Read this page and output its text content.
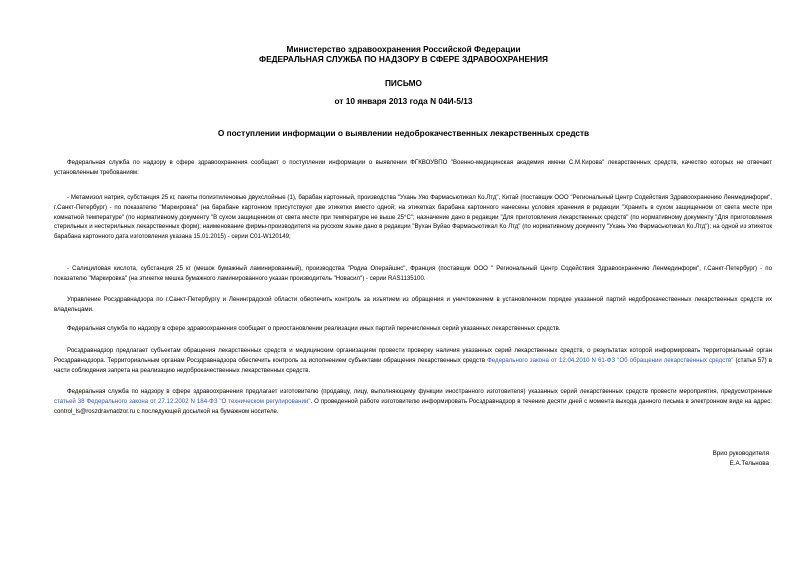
Министерство здравоохранения Российской Федерации
ФЕДЕРАЛЬНАЯ СЛУЖБА ПО НАДЗОРУ В СФЕРЕ ЗДРАВООХРАНЕНИЯ
ПИСЬМО
от 10 января 2013 года N 04И-5/13
О поступлении информации о выявлении недоброкачественных лекарственных средств
Федеральная служба по надзору в сфере здравоохранения сообщает о поступлении информации о выявлении ФГКВОУВПО "Военно-медицинская академия имени С.М.Кирова" лекарственных средств, качество которых не отвечает установленным требованиям:
- Метамизол натрия, субстанция 25 кг, пакеты полиэтиленовые двухслойные (1), барабан картонный, производства "Ухань Уяо Фармасьютикал Ко.Лтд", Китай (поставщик ООО "Региональный Центр Содействия Здравоохранению Ленмединформ", г.Санкт-Петербург) - по показателю "Маркировка" (на барабане картонном присутствуют две этикетки вместо одной; на этикетках барабана картонного нанесены условия хранения в редакции "Хранить в сухом защищенном от света месте при комнатной температуре" (по нормативному документу "В сухом защищенном от света месте при температуре не выше 25°С"; назначение дано в редакции "Для приготовления лекарственных средств" (по нормативному документу "Для приготовления стерильных и нестерильных лекарственных форм); наименование фирмы-производителя на русском языке дано в редакции "Вухан Вуйао Фармасьютикал Ко Лтд" (по нормативному документу "Ухань Уяо Фармасьютикал Ко.Лтд"); на одной из этикеток барабана картонного дата изготовления указана 15.01.2015) - серии С01-W120149;
- Салициловая кислота, субстанция 25 кг (мешок бумажный ламинированный), производства "Родиа Операйшнс", Франция (поставщик ООО " Региональный Центр Содействия Здравоохранению Ленмединформ", г.Санкт-Петербург) - по показателю "Маркировка" (на этикетке мешка бумажного ламинированного указан производитель "Новасил") - серии RAS1135100.
Управление Росздравнадзора по г.Санкт-Петербургу и Ленинградской области обеспечить контроль за изъятием из обращения и уничтожением в установленном порядке указанной партий недоброкачественных лекарственных средств их владельцами.
Федеральная служба по надзору в сфере здравоохранения сообщает о приостановлении реализации иных партий перечисленных серий указанных лекарственных средств.
Росздравнадзор предлагает субъектам обращения лекарственных средств и медицинским организациям провести проверку наличия указанных серий лекарственных средств, о результатах которой информировать территориальный орган Росздравнадзора. Территориальным органам Росздравнадзора обеспечить контроль за исполнением субъектами обращения лекарственных средств Федерального закона от 12.04.2010 N 61-ФЗ "Об обращении лекарственных средств" (статья 57) в части соблюдения запрета на реализацию недоброкачественных лекарственных средств.
Федеральная служба по надзору в сфере здравоохранения предлагает изготовителю (продавцу, лицу, выполняющему функции иностранного изготовителя) указанных серий лекарственных средств провести мероприятия, предусмотренные статьей 38 Федерального закона от 27.12.2002 N 184-ФЗ "О техническом регулировании". О проведенной работе изготовителю информировать Росздравнадзор в течение десяти дней с момента выхода данного письма в электронном виде на адрес: control_ls@roszdravnadzor.ru с последующей досылкой на бумажном носителе.
Врио руководителя
Е.А.Тельнова
